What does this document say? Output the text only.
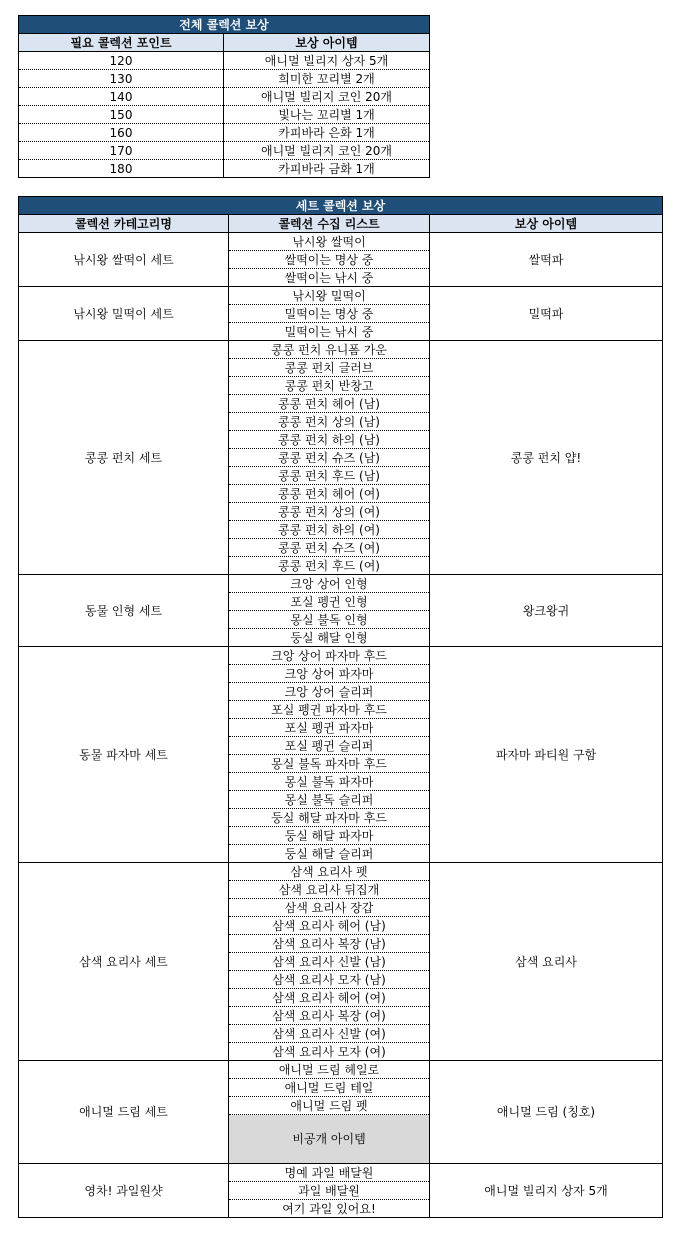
전체 콜렉션 보상	
필요 콜렉션 포인트	보상 아이템
120	애니멀 빌리지 상자 5개
130	희미한 꼬리별 2개
140	애니멀 빌리지 코인 20개
150	빛나는 꼬리별 1개
160	카피바라 은화 1개
170	애니멀 빌리지 코인 20개
180	카피바라 금화 1개
세트 콜렉션 보상		
콜렉션 카테고리명	콜렉션 수집 리스트	보상 아이템
낚시왕 쌀떡이 세트	낚시왕 쌀떡이	쌀떡파
	쌀떡이는 명상 중	
	쌀떡이는 낚시 중	
낚시왕 밀떡이 세트	낚시왕 밀떡이	밀떡파
	밀떡이는 명상 중	
	밀떡이는 낚시 중	
콩콩 펀치 세트	콩콩 펀치 유니폼 가운	콩콩 펀치 얍!
	콩콩 펀치 글러브	
	콩콩 펀치 반창고	
	콩콩 펀치 헤어 (남)	
	콩콩 펀치 상의 (남)	
	콩콩 펀치 하의 (남)	
	콩콩 펀치 슈즈 (남)	
	콩콩 펀치 후드 (남)	
	콩콩 펀치 헤어 (여)	
	콩콩 펀치 상의 (여)	
	콩콩 펀치 하의 (여)	
	콩콩 펀치 슈즈 (여)	
	콩콩 펀치 후드 (여)	
동물 인형 세트	크앙 상어 인형	왕크왕귀
	포실 펭귄 인형	
	몽실 불독 인형	
	둥실 해달 인형	
동물 파자마 세트	크앙 상어 파자마 후드	파자마 파티원 구함
	크앙 상어 파자마	
	크앙 상어 슬리퍼	
	포실 펭귄 파자마 후드	
	포실 펭귄 파자마	
	포실 펭귄 슬리퍼	
	몽실 불독 파자마 후드	
	몽실 불독 파자마	
	몽실 불독 슬리퍼	
	둥실 해달 파자마 후드	
	둥실 해달 파자마	
	둥실 해달 슬리퍼	
삼색 요리사 세트	삼색 요리사 펫	삼색 요리사
	삼색 요리사 뒤집개	
	삼색 요리사 장갑	
	삼색 요리사 헤어 (남)	
	삼색 요리사 복장 (남)	
	삼색 요리사 신발 (남)	
	삼색 요리사 모자 (남)	
	삼색 요리사 헤어 (여)	
	삼색 요리사 복장 (여)	
	삼색 요리사 신발 (여)	
	삼색 요리사 모자 (여)	
애니멀 드림 세트	애니멀 드림 헤일로	애니멀 드림 (칭호)
	애니멀 드림 테일	
	애니멀 드림 펫	
	비공개 아이템	
영차! 과일원샷	명예 과일 배달원	애니멀 빌리지 상자 5개
	과일 배달원	
	여기 과일 있어요!	
